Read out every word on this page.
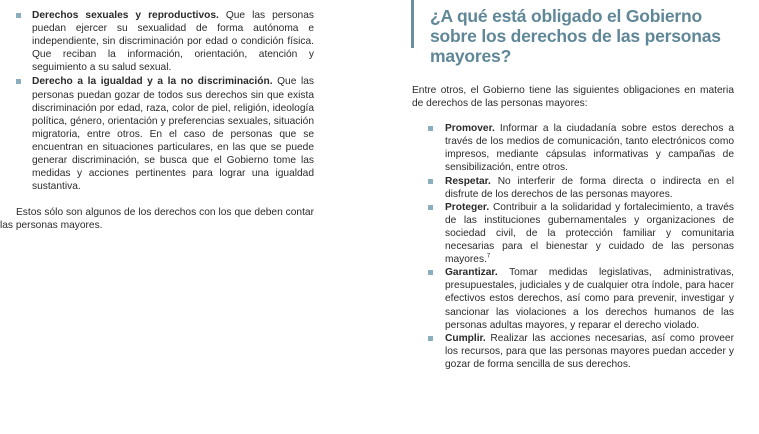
Derechos sexuales y reproductivos. Que las personas puedan ejercer su sexualidad de forma autónoma e independiente, sin discriminación por edad o condición física. Que reciban la información, orientación, atención y seguimiento a su salud sexual.
Derecho a la igualdad y a la no discriminación. Que las personas puedan gozar de todos sus derechos sin que exista discriminación por edad, raza, color de piel, religión, ideología política, género, orientación y preferencias sexuales, situación migratoria, entre otros. En el caso de personas que se encuentran en situaciones particulares, en las que se puede generar discriminación, se busca que el Gobierno tome las medidas y acciones pertinentes para lograr una igualdad sustantiva.

Estos sólo son algunos de los derechos con los que deben contar las personas mayores.

¿A qué está obligado el Gobierno sobre los derechos de las personas mayores?

Entre otros, el Gobierno tiene las siguientes obligaciones en materia de derechos de las personas mayores:

Promover. Informar a la ciudadanía sobre estos derechos a través de los medios de comunicación, tanto electrónicos como impresos, mediante cápsulas informativas y campañas de sensibilización, entre otros.
Respetar. No interferir de forma directa o indirecta en el disfrute de los derechos de las personas mayores.
Proteger. Contribuir a la solidaridad y fortalecimiento, a través de las instituciones gubernamentales y organizaciones de sociedad civil, de la protección familiar y comunitaria necesarias para el bienestar y cuidado de las personas mayores.$^7$
Garantizar. Tomar medidas legislativas, administrativas, presupuestales, judiciales y de cualquier otra índole, para hacer efectivos estos derechos, así como para prevenir, investigar y sancionar las violaciones a los derechos humanos de las personas adultas mayores, y reparar el derecho violado.
Cumplir. Realizar las acciones necesarias, así como proveer los recursos, para que las personas mayores puedan acceder y gozar de forma sencilla de sus derechos.
